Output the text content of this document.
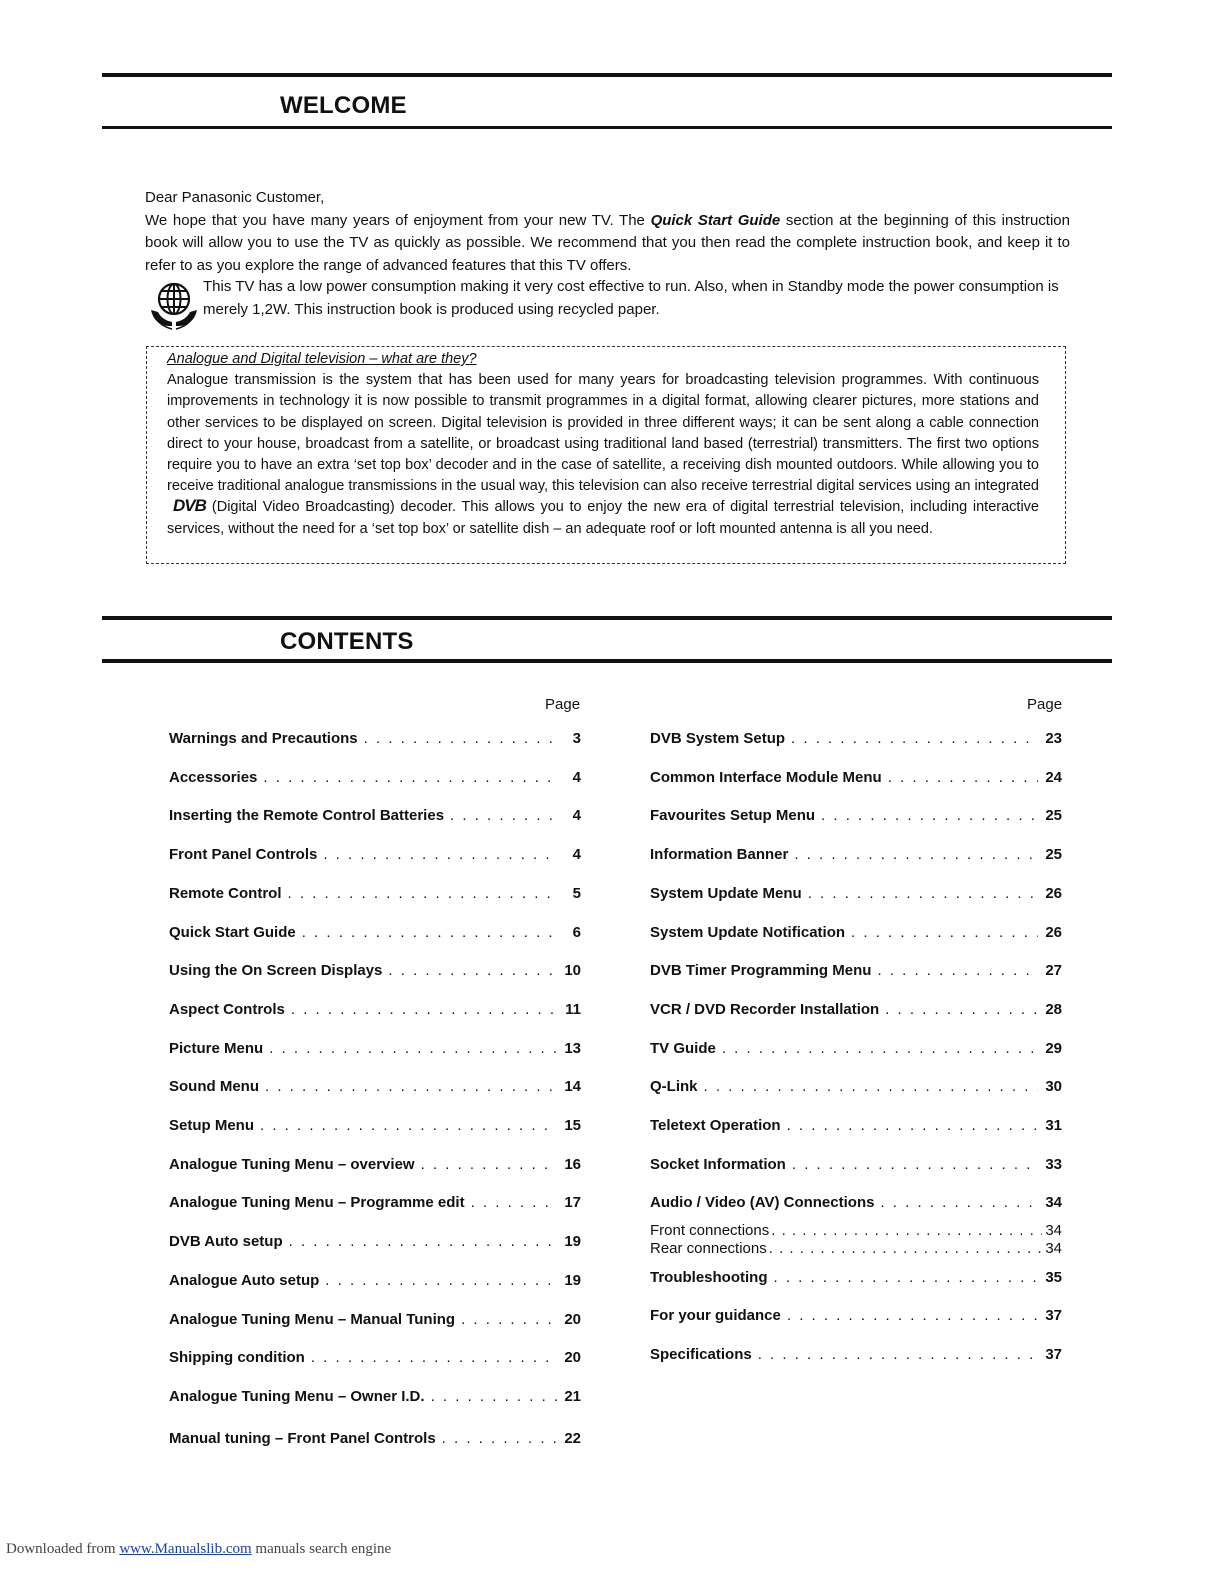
WELCOME

Dear Panasonic Customer,

We hope that you have many years of enjoyment from your new TV. The Quick Start Guide section at the beginning of this instruction book will allow you to use the TV as quickly as possible. We recommend that you then read the complete instruction book, and keep it to refer to as you explore the range of advanced features that this TV offers.

This TV has a low power consumption making it very cost effective to run. Also, when in Standby mode the power consumption is merely 1,2W. This instruction book is produced using recycled paper.

Analogue and Digital television – what are they?

Analogue transmission is the system that has been used for many years for broadcasting television programmes. With continuous improvements in technology it is now possible to transmit programmes in a digital format, allowing clearer pictures, more stations and other services to be displayed on screen. Digital television is provided in three different ways; it can be sent along a cable connection direct to your house, broadcast from a satellite, or broadcast using traditional land based (terrestrial) transmitters. The first two options require you to have an extra ‘set top box’ decoder and in the case of satellite, a receiving dish mounted outdoors. While allowing you to receive traditional analogue transmissions in the usual way, this television can also receive terrestrial digital services using an integratedDVB (Digital Video Broadcasting) decoder. This allows you to enjoy the new era of digital terrestrial television, including interactive services, without the need for a ‘set top box’ or satellite dish – an adequate roof or loft mounted antenna is all you need.

CONTENTS
Page	Page
Warnings and Precautions . . .	3
Accessories . . .	4
Inserting the Remote Control Batteries . . .	4
Front Panel Controls . . .	4
Remote Control . . .	5
Quick Start Guide . . .	6
Using the On Screen Displays . . .	10
Aspect Controls . . .	11
Picture Menu . . .	13
Sound Menu . . .	14
Setup Menu . . .	15
Analogue Tuning Menu – overview . . .	16
Analogue Tuning Menu – Programme edit . . .	17
DVB Auto setup . . .	19
Analogue Auto setup . . .	19
Analogue Tuning Menu – Manual Tuning . . .	20
Shipping condition . . .	20
Analogue Tuning Menu – Owner I.D. . . .	21
Manual tuning – Front Panel Controls . . .	22
DVB System Setup . . .	23
Common Interface Module Menu . . .	24
Favourites Setup Menu . . .	25
Information Banner . . .	25
System Update Menu . . .	26
System Update Notification . . .	26
DVB Timer Programming Menu . . .	27
VCR / DVD Recorder Installation . . .	28
TV Guide . . .	29
Q-Link . . .	30
Teletext Operation . . .	31
Socket Information . . .	33
Audio / Video (AV) Connections . . .	34
Front connections . . .	34
Rear connections . . .	34
Troubleshooting . . .	35
For your guidance . . .	37
Specifications . . .	37
Downloaded from www.Manualslib.com manuals search engine
